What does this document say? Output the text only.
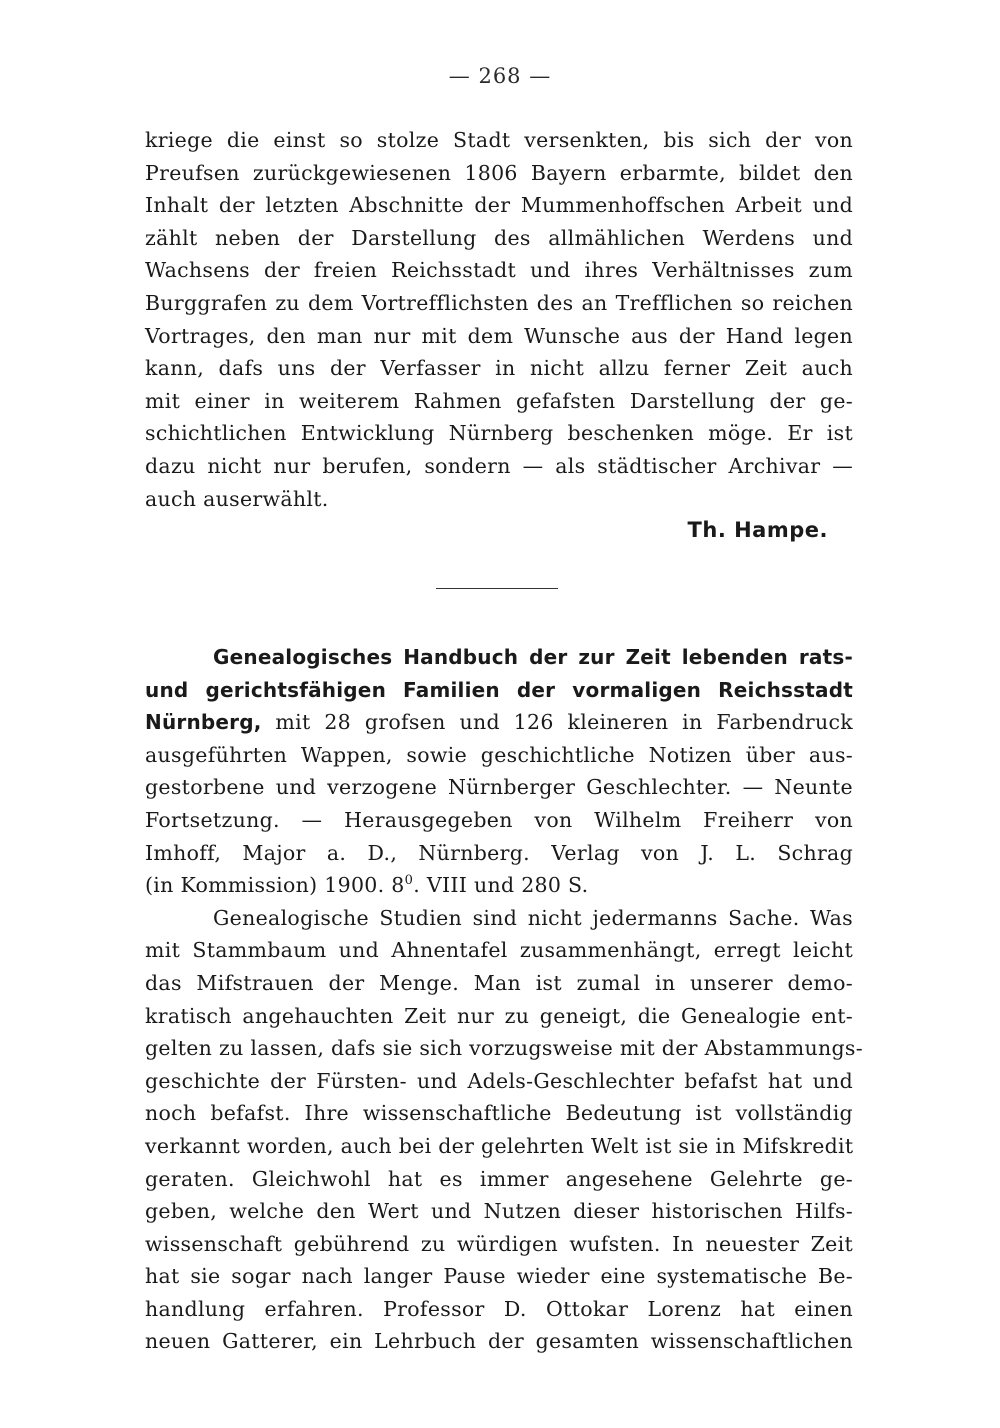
— 268 —
kriege die einst so stolze Stadt versenkten, bis sich der von
Preufsen zurückgewiesenen 1806 Bayern erbarmte, bildet den
Inhalt der letzten Abschnitte der Mummenhoffschen Arbeit und
zählt neben der Darstellung des allmählichen Werdens und
Wachsens der freien Reichsstadt und ihres Verhältnisses zum
Burggrafen zu dem Vortrefflichsten des an Trefflichen so reichen
Vortrages, den man nur mit dem Wunsche aus der Hand legen
kann, dafs uns der Verfasser in nicht allzu ferner Zeit auch
mit einer in weiterem Rahmen gefafsten Darstellung der ge-
schichtlichen Entwicklung Nürnberg beschenken möge. Er ist
dazu nicht nur berufen, sondern — als städtischer Archivar —
auch auserwählt.
Th. Hampe.
Genealogisches Handbuch der zur Zeit lebenden rats-
und gerichtsfähigen Familien der vormaligen Reichsstadt
Nürnberg, mit 28 grofsen und 126 kleineren in Farbendruck
ausgeführten Wappen, sowie geschichtliche Notizen über aus-
gestorbene und verzogene Nürnberger Geschlechter. — Neunte
Fortsetzung. — Herausgegeben von Wilhelm Freiherr von
Imhoff, Major a. D., Nürnberg. Verlag von J. L. Schrag
(in Kommission) 1900. $8^0$. VIII und 280 S.
Genealogische Studien sind nicht jedermanns Sache. Was
mit Stammbaum und Ahnentafel zusammenhängt, erregt leicht
das Mifstrauen der Menge. Man ist zumal in unserer demo-
kratisch angehauchten Zeit nur zu geneigt, die Genealogie ent-
gelten zu lassen, dafs sie sich vorzugsweise mit der Abstammungs-
geschichte der Fürsten- und Adels-Geschlechter befafst hat und
noch befafst. Ihre wissenschaftliche Bedeutung ist vollständig
verkannt worden, auch bei der gelehrten Welt ist sie in Mifskredit
geraten. Gleichwohl hat es immer angesehene Gelehrte ge-
geben, welche den Wert und Nutzen dieser historischen Hilfs-
wissenschaft gebührend zu würdigen wufsten. In neuester Zeit
hat sie sogar nach langer Pause wieder eine systematische Be-
handlung erfahren. Professor D. Ottokar Lorenz hat einen
neuen Gatterer, ein Lehrbuch der gesamten wissenschaftlichen
